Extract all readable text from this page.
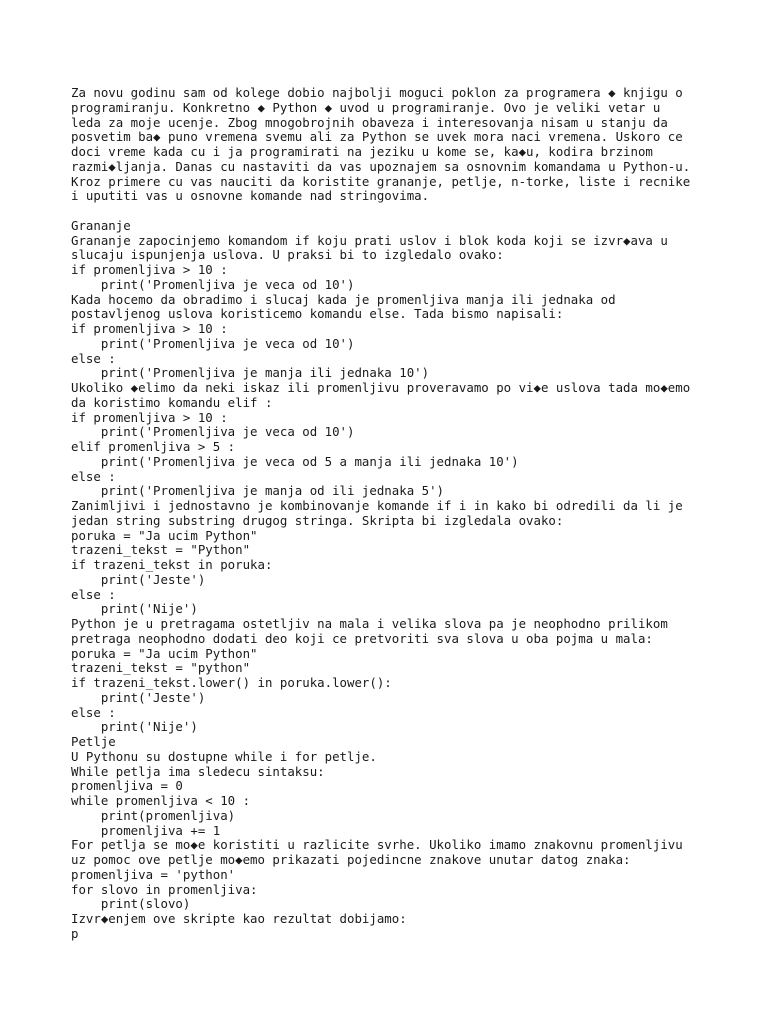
Za novu godinu sam od kolege dobio najbolji moguci poklon za programera ◆ knjigu o
programiranju. Konkretno ◆ Python ◆ uvod u programiranje. Ovo je veliki vetar u
leda za moje ucenje. Zbog mnogobrojnih obaveza i interesovanja nisam u stanju da
posvetim ba◆ puno vremena svemu ali za Python se uvek mora naci vremena. Uskoro ce
doci vreme kada cu i ja programirati na jeziku u kome se, ka◆u, kodira brzinom
razmi◆ljanja. Danas cu nastaviti da vas upoznajem sa osnovnim komandama u Python-u.
Kroz primere cu vas nauciti da koristite grananje, petlje, n-torke, liste i recnike
i uputiti vas u osnovne komande nad stringovima.
Grananje
Grananje zapocinjemo komandom if koju prati uslov i blok koda koji se izvr◆ava u
slucaju ispunjenja uslova. U praksi bi to izgledalo ovako:
if promenljiva > 10 :
print('Promenljiva je veca od 10')
Kada hocemo da obradimo i slucaj kada je promenljiva manja ili jednaka od
postavljenog uslova koristicemo komandu else. Tada bismo napisali:
if promenljiva > 10 :
print('Promenljiva je veca od 10')
else :
print('Promenljiva je manja ili jednaka 10')
Ukoliko ◆elimo da neki iskaz ili promenljivu proveravamo po vi◆e uslova tada mo◆emo
da koristimo komandu elif :
if promenljiva > 10 :
print('Promenljiva je veca od 10')
elif promenljiva > 5 :
print('Promenljiva je veca od 5 a manja ili jednaka 10')
else :
print('Promenljiva je manja od ili jednaka 5')
Zanimljivi i jednostavno je kombinovanje komande if i in kako bi odredili da li je
jedan string substring drugog stringa. Skripta bi izgledala ovako:
poruka = "Ja ucim Python"
trazeni_tekst = "Python"
if trazeni_tekst in poruka:
print('Jeste')
else :
print('Nije')
Python je u pretragama ostetljiv na mala i velika slova pa je neophodno prilikom
pretraga neophodno dodati deo koji ce pretvoriti sva slova u oba pojma u mala:
poruka = "Ja ucim Python"
trazeni_tekst = "python"
if trazeni_tekst.lower() in poruka.lower():
print('Jeste')
else :
print('Nije')
Petlje
U Pythonu su dostupne while i for petlje.
While petlja ima sledecu sintaksu:
promenljiva = 0
while promenljiva < 10 :
print(promenljiva)
promenljiva += 1
For petlja se mo◆e koristiti u razlicite svrhe. Ukoliko imamo znakovnu promenljivu
uz pomoc ove petlje mo◆emo prikazati pojedincne znakove unutar datog znaka:
promenljiva = 'python'
for slovo in promenljiva:
print(slovo)
Izvr◆enjem ove skripte kao rezultat dobijamo:
p
